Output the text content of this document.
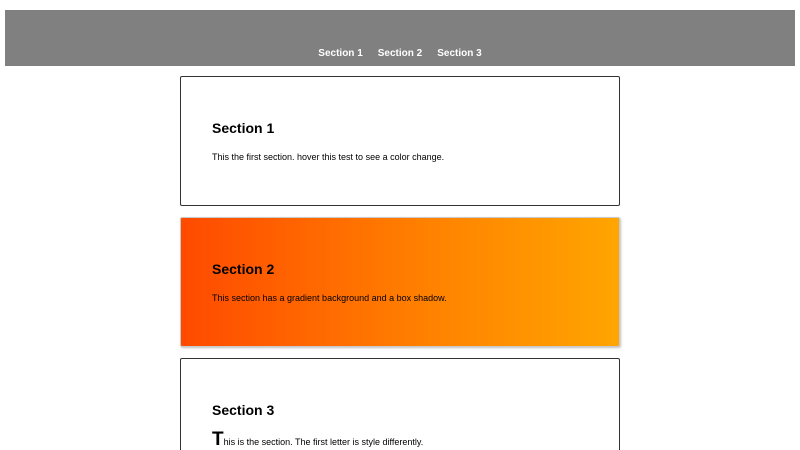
Section 1 Section 2 Section 3
Section 1

This the first section. hover this test to see a color change.

Section 2

This section has a gradient background and a box shadow.

Section 3

This is the section. The first letter is style differently.
